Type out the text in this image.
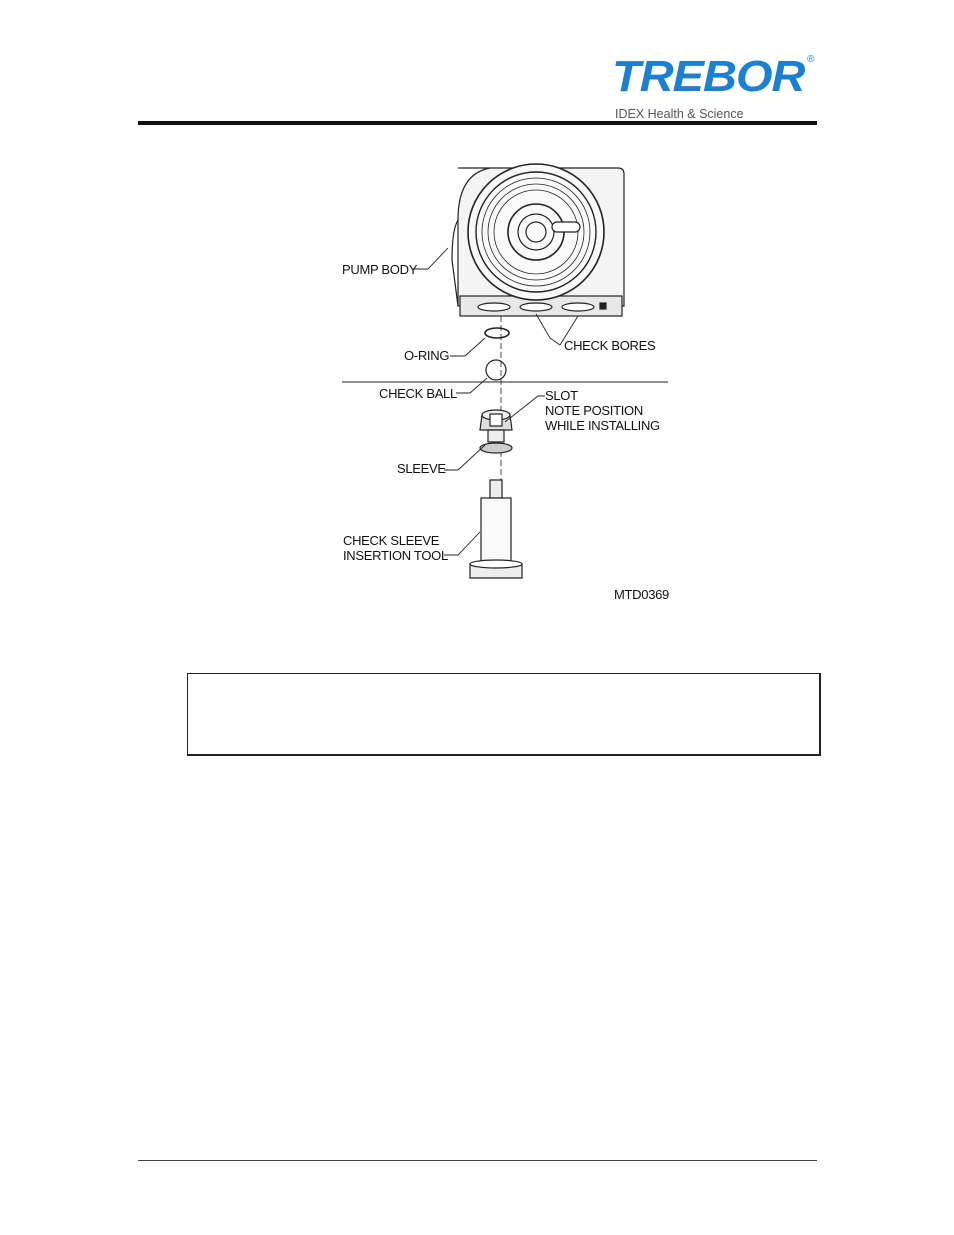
TREBOR ®
IDEX Health & Science
PUMP BODY
CHECK BORES
O-RING
CHECK BALL	SLOT
NOTE POSITION
WHILE INSTALLING
SLEEVE
CHECK SLEEVE
INSERTION TOOL
MTD0369
